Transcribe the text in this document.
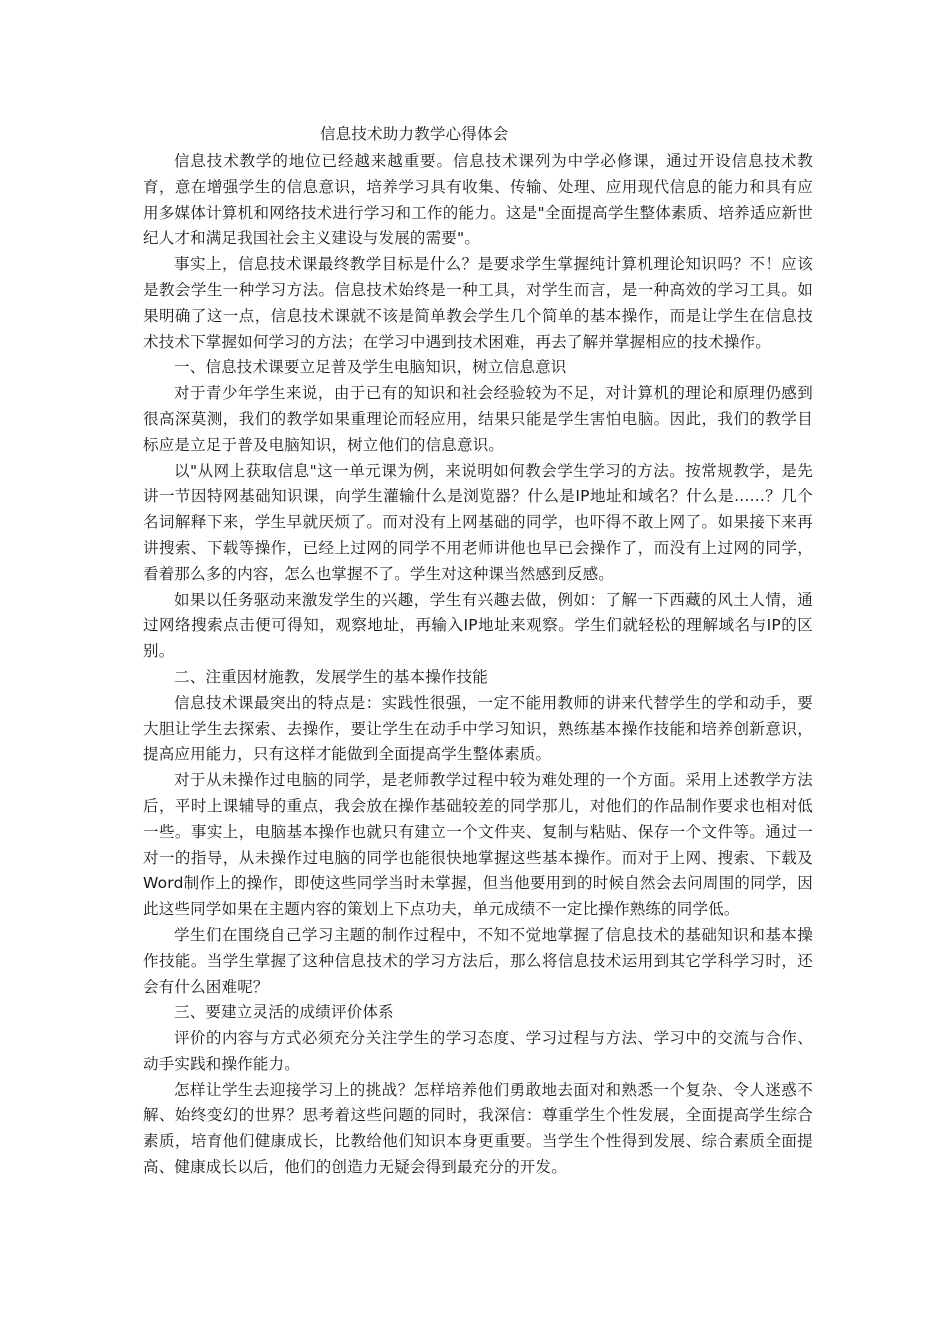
信息技术助力教学心得体会

信息技术教学的地位已经越来越重要。信息技术课列为中学必修课，通过开设信息技术教育，意在增强学生的信息意识，培养学习具有收集、传输、处理、应用现代信息的能力和具有应用多媒体计算机和网络技术进行学习和工作的能力。这是"全面提高学生整体素质、培养适应新世纪人才和满足我国社会主义建设与发展的需要"。

事实上，信息技术课最终教学目标是什么？是要求学生掌握纯计算机理论知识吗？不！应该是教会学生一种学习方法。信息技术始终是一种工具，对学生而言，是一种高效的学习工具。如果明确了这一点，信息技术课就不该是简单教会学生几个简单的基本操作，而是让学生在信息技术技术下掌握如何学习的方法；在学习中遇到技术困难，再去了解并掌握相应的技术操作。

一、信息技术课要立足普及学生电脑知识，树立信息意识

对于青少年学生来说，由于已有的知识和社会经验较为不足，对计算机的理论和原理仍感到很高深莫测，我们的教学如果重理论而轻应用，结果只能是学生害怕电脑。因此，我们的教学目标应是立足于普及电脑知识，树立他们的信息意识。

以"从网上获取信息"这一单元课为例，来说明如何教会学生学习的方法。按常规教学，是先讲一节因特网基础知识课，向学生灌输什么是浏览器？什么是IP地址和域名？什么是......？几个名词解释下来，学生早就厌烦了。而对没有上网基础的同学，也吓得不敢上网了。如果接下来再讲搜索、下载等操作，已经上过网的同学不用老师讲他也早已会操作了，而没有上过网的同学，看着那么多的内容，怎么也掌握不了。学生对这种课当然感到反感。

如果以任务驱动来激发学生的兴趣，学生有兴趣去做，例如：了解一下西藏的风土人情，通过网络搜索点击便可得知，观察地址，再输入IP地址来观察。学生们就轻松的理解域名与IP的区别。

二、注重因材施教，发展学生的基本操作技能

信息技术课最突出的特点是：实践性很强，一定不能用教师的讲来代替学生的学和动手，要大胆让学生去探索、去操作，要让学生在动手中学习知识，熟练基本操作技能和培养创新意识，提高应用能力，只有这样才能做到全面提高学生整体素质。

对于从未操作过电脑的同学，是老师教学过程中较为难处理的一个方面。采用上述教学方法后，平时上课辅导的重点，我会放在操作基础较差的同学那儿，对他们的作品制作要求也相对低一些。事实上，电脑基本操作也就只有建立一个文件夹、复制与粘贴、保存一个文件等。通过一对一的指导，从未操作过电脑的同学也能很快地掌握这些基本操作。而对于上网、搜索、下载及Word制作上的操作，即使这些同学当时未掌握，但当他要用到的时候自然会去问周围的同学，因此这些同学如果在主题内容的策划上下点功夫，单元成绩不一定比操作熟练的同学低。

学生们在围绕自己学习主题的制作过程中，不知不觉地掌握了信息技术的基础知识和基本操作技能。当学生掌握了这种信息技术的学习方法后，那么将信息技术运用到其它学科学习时，还会有什么困难呢？

三、要建立灵活的成绩评价体系

评价的内容与方式必须充分关注学生的学习态度、学习过程与方法、学习中的交流与合作、动手实践和操作能力。

怎样让学生去迎接学习上的挑战？怎样培养他们勇敢地去面对和熟悉一个复杂、令人迷惑不解、始终变幻的世界？思考着这些问题的同时，我深信：尊重学生个性发展，全面提高学生综合素质，培育他们健康成长，比教给他们知识本身更重要。当学生个性得到发展、综合素质全面提高、健康成长以后，他们的创造力无疑会得到最充分的开发。
